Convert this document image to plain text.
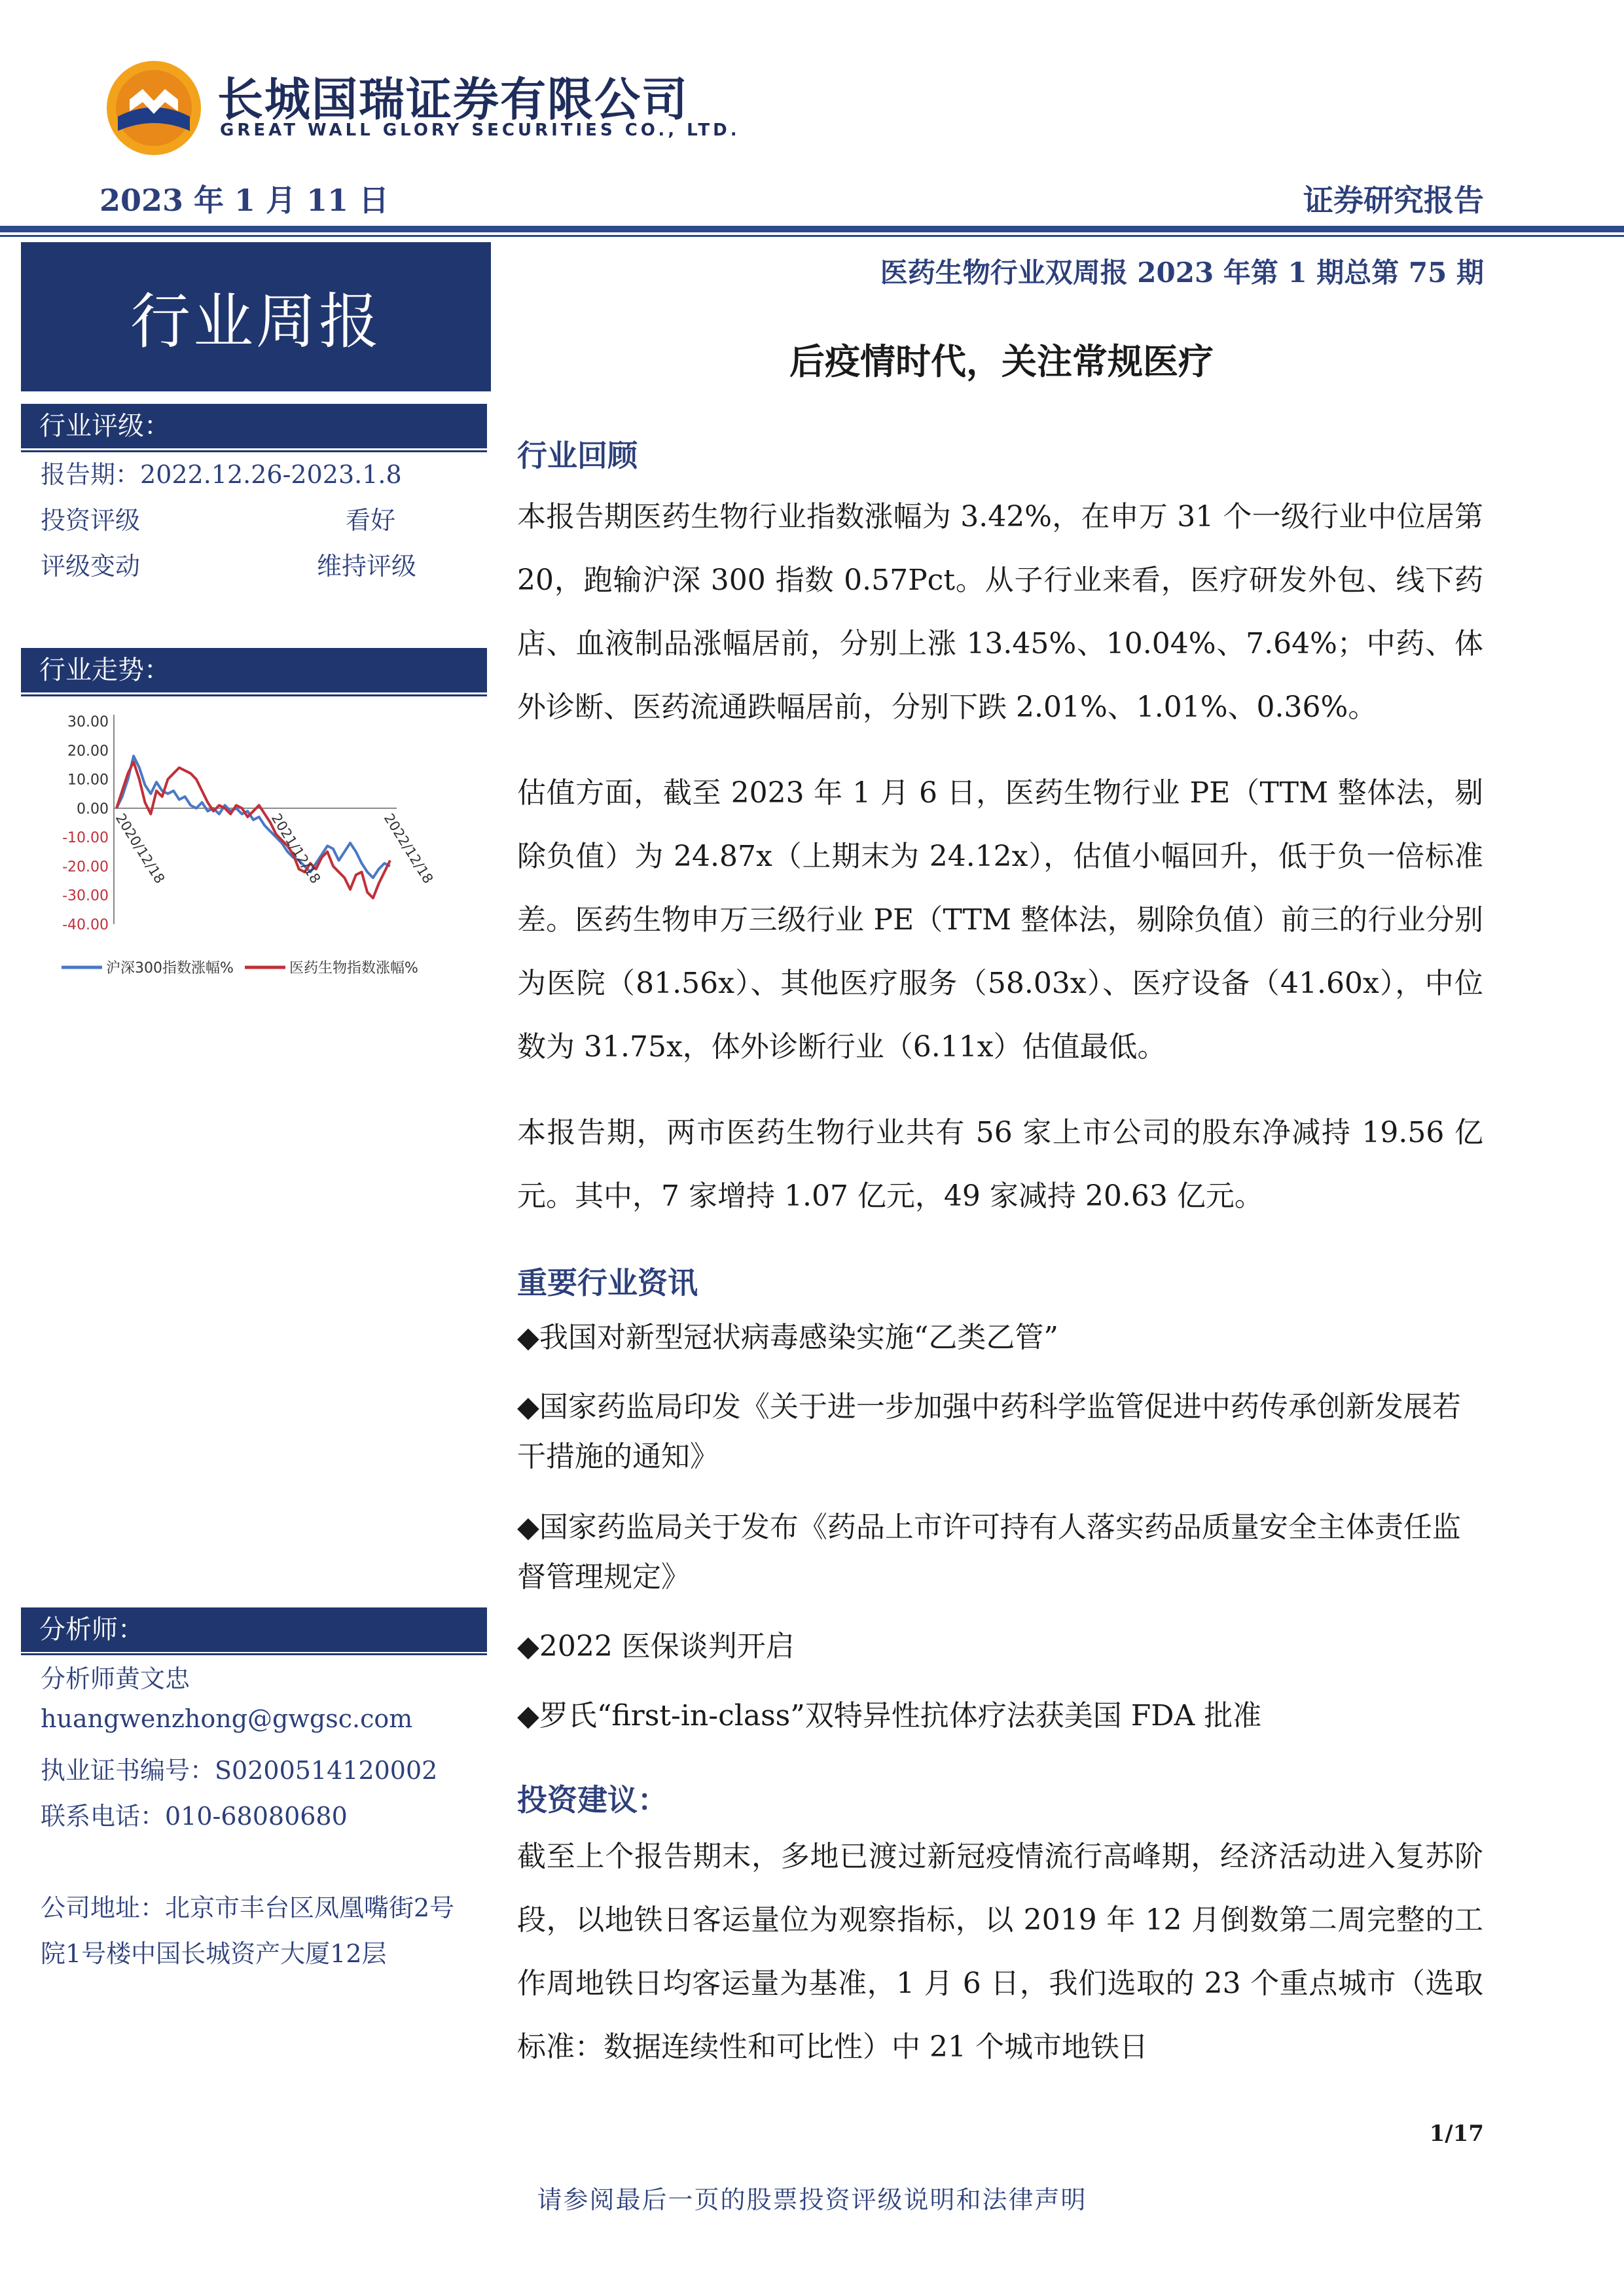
长城国瑞证券有限公司
GREAT WALL GLORY SECURITIES CO., LTD.
2023 年 1 月 11 日	证券研究报告
行业周报
行业评级：
报告期：2022.12.26-2023.1.8
投资评级	看好
评级变动	维持评级
行业走势：
30.00
20.00
10.00
0.00
-10.00
-20.00
-30.00
-40.00
2020/12/18	2021/12/18	2022/12/18
沪深300指数涨幅%	医药生物指数涨幅%
分析师：
分析师黄文忠
huangwenzhong@gwgsc.com
执业证书编号：S0200514120002
联系电话：010-68080680
公司地址：北京市丰台区凤凰嘴街2号院1号楼中国长城资产大厦12层
医药生物行业双周报 2023 年第 1 期总第 75 期
后疫情时代，关注常规医疗
行业回顾
本报告期医药生物行业指数涨幅为 3.42%，在申万 31 个一级行业中位居第 20，跑输沪深 300 指数 0.57Pct。从子行业来看，医疗研发外包、线下药店、血液制品涨幅居前，分别上涨 13.45%、10.04%、7.64%；中药、体外诊断、医药流通跌幅居前，分别下跌 2.01%、1.01%、0.36%。
估值方面，截至 2023 年 1 月 6 日，医药生物行业 PE（TTM 整体法，剔除负值）为 24.87x（上期末为 24.12x），估值小幅回升，低于负一倍标准差。医药生物申万三级行业 PE（TTM 整体法，剔除负值）前三的行业分别为医院（81.56x）、其他医疗服务（58.03x）、医疗设备（41.60x），中位数为 31.75x，体外诊断行业（6.11x）估值最低。
本报告期，两市医药生物行业共有 56 家上市公司的股东净减持 19.56 亿元。其中，7 家增持 1.07 亿元，49 家减持 20.63 亿元。
重要行业资讯
◆我国对新型冠状病毒感染实施“乙类乙管”
◆国家药监局印发《关于进一步加强中药科学监管促进中药传承创新发展若干措施的通知》
◆国家药监局关于发布《药品上市许可持有人落实药品质量安全主体责任监督管理规定》
◆2022 医保谈判开启
◆罗氏“first-in-class”双特异性抗体疗法获美国 FDA 批准
投资建议：
截至上个报告期末，多地已渡过新冠疫情流行高峰期，经济活动进入复苏阶段，以地铁日客运量位为观察指标，以 2019 年 12 月倒数第二周完整的工作周地铁日均客运量为基准，1 月 6 日，我们选取的 23 个重点城市（选取标准：数据连续性和可比性）中 21 个城市地铁日
1/17
请参阅最后一页的股票投资评级说明和法律声明
